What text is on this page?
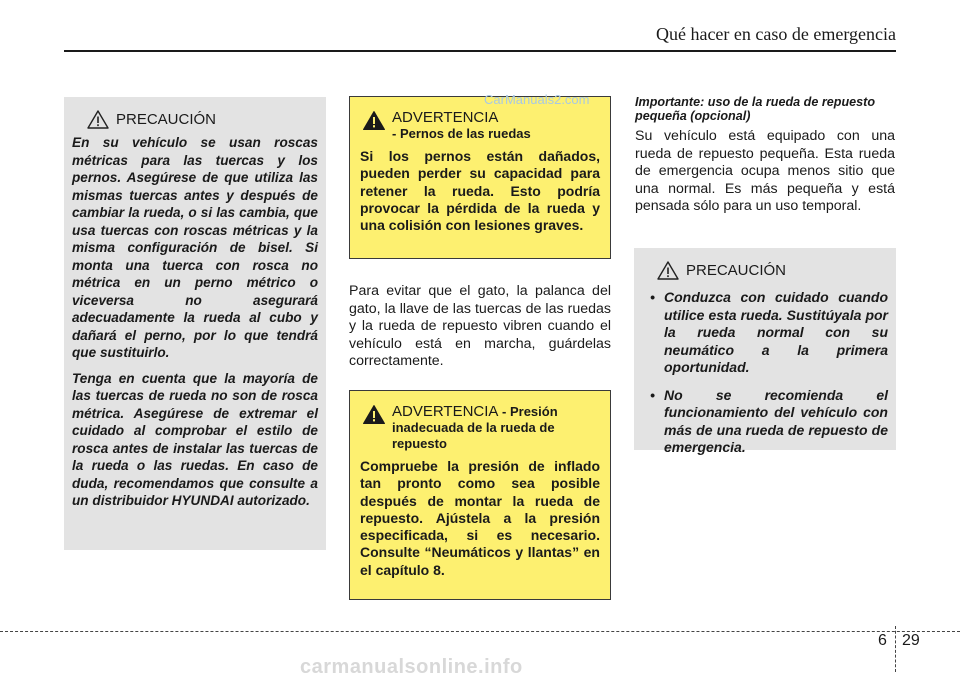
Qué hacer en caso de emergencia
PRECAUCIÓN

En su vehículo se usan roscas métricas para las tuercas y los pernos. Asegúrese de que utiliza las mismas tuercas antes y después de cambiar la rueda, o si las cambia, que usa tuercas con roscas métricas y la misma configuración de bisel. Si monta una tuerca con rosca no métrica en un perno métrico o viceversa no asegurará adecuadamente la rueda al cubo y dañará el perno, por lo que tendrá que sustituirlo.

Tenga en cuenta que la mayoría de las tuercas de rueda no son de rosca métrica. Asegúrese de extremar el cuidado al comprobar el estilo de rosca antes de instalar las tuercas de la rueda o las ruedas. En caso de duda, recomendamos que consulte a un distribuidor HYUNDAI autorizado.

ADVERTENCIA
- Pernos de las ruedas

Si los pernos están dañados, pueden perder su capacidad para retener la rueda. Esto podría provocar la pérdida de la rueda y una colisión con lesiones graves.

Para evitar que el gato, la palanca del gato, la llave de las tuercas de las ruedas y la rueda de repuesto vibren cuando el vehículo está en marcha, guárdelas correctamente.

ADVERTENCIA - Presión
inadecuada de la rueda de repuesto

Compruebe la presión de inflado tan pronto como sea posible después de montar la rueda de repuesto. Ajústela a la presión especificada, si es necesario. Consulte “Neumáticos y llantas” en el capítulo 8.

Importante: uso de la rueda de repuesto pequeña (opcional)

Su vehículo está equipado con una rueda de repuesto pequeña. Esta rueda de emergencia ocupa menos sitio que una normal. Es más pequeña y está pensada sólo para un uso temporal.

PRECAUCIÓN
• Conduzca con cuidado cuando utilice esta rueda. Sustitúyala por la rueda normal con su neumático a la primera oportunidad.
• No se recomienda el funcionamiento del vehículo con más de una rueda de repuesto de emergencia.
CarManuals2.com
6 29
carmanualsonline.info
